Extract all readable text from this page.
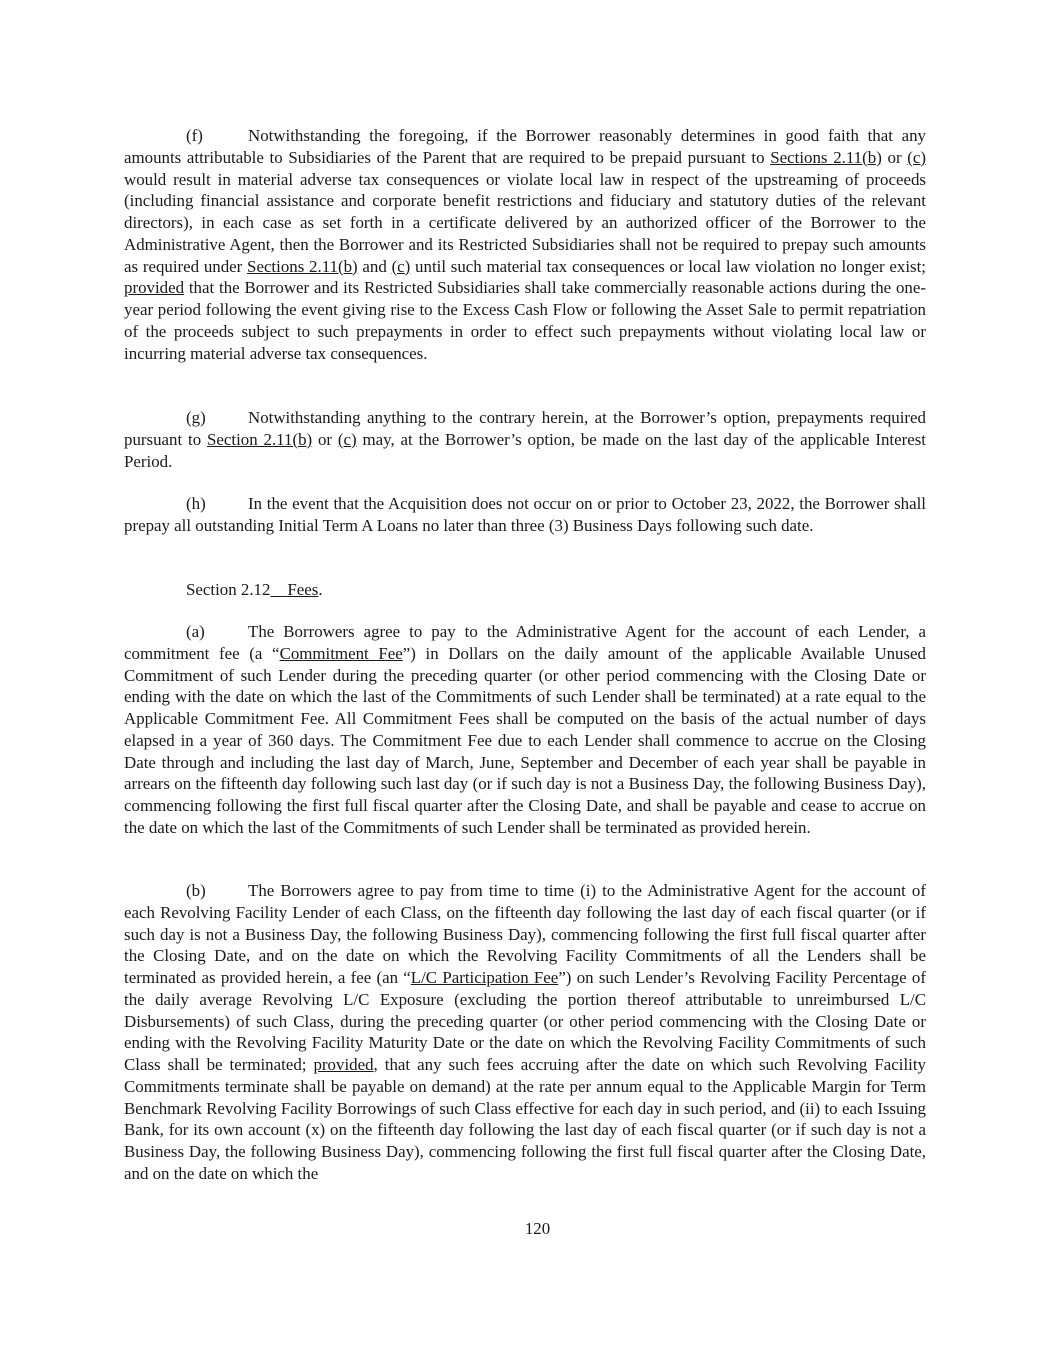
(f)	Notwithstanding the foregoing, if the Borrower reasonably determines in good faith that any amounts attributable to Subsidiaries of the Parent that are required to be prepaid pursuant to Sections 2.11(b) or (c) would result in material adverse tax consequences or violate local law in respect of the upstreaming of proceeds (including financial assistance and corporate benefit restrictions and fiduciary and statutory duties of the relevant directors), in each case as set forth in a certificate delivered by an authorized officer of the Borrower to the Administrative Agent, then the Borrower and its Restricted Subsidiaries shall not be required to prepay such amounts as required under Sections 2.11(b) and (c) until such material tax consequences or local law violation no longer exist; provided that the Borrower and its Restricted Subsidiaries shall take commercially reasonable actions during the one-year period following the event giving rise to the Excess Cash Flow or following the Asset Sale to permit repatriation of the proceeds subject to such prepayments in order to effect such prepayments without violating local law or incurring material adverse tax consequences.

(g)	Notwithstanding anything to the contrary herein, at the Borrower’s option, prepayments required pursuant to Section 2.11(b) or (c) may, at the Borrower’s option, be made on the last day of the applicable Interest Period.

(h)	In the event that the Acquisition does not occur on or prior to October 23, 2022, the Borrower shall prepay all outstanding Initial Term A Loans no later than three (3) Business Days following such date.

Section 2.12 Fees.

(a)	The Borrowers agree to pay to the Administrative Agent for the account of each Lender, a commitment fee (a “Commitment Fee”) in Dollars on the daily amount of the applicable Available Unused Commitment of such Lender during the preceding quarter (or other period commencing with the Closing Date or ending with the date on which the last of the Commitments of such Lender shall be terminated) at a rate equal to the Applicable Commitment Fee. All Commitment Fees shall be computed on the basis of the actual number of days elapsed in a year of 360 days. The Commitment Fee due to each Lender shall commence to accrue on the Closing Date through and including the last day of March, June, September and December of each year shall be payable in arrears on the fifteenth day following such last day (or if such day is not a Business Day, the following Business Day), commencing following the first full fiscal quarter after the Closing Date, and shall be payable and cease to accrue on the date on which the last of the Commitments of such Lender shall be terminated as provided herein.

(b)	The Borrowers agree to pay from time to time (i) to the Administrative Agent for the account of each Revolving Facility Lender of each Class, on the fifteenth day following the last day of each fiscal quarter (or if such day is not a Business Day, the following Business Day), commencing following the first full fiscal quarter after the Closing Date, and on the date on which the Revolving Facility Commitments of all the Lenders shall be terminated as provided herein, a fee (an “L/C Participation Fee”) on such Lender’s Revolving Facility Percentage of the daily average Revolving L/C Exposure (excluding the portion thereof attributable to unreimbursed L/C Disbursements) of such Class, during the preceding quarter (or other period commencing with the Closing Date or ending with the Revolving Facility Maturity Date or the date on which the Revolving Facility Commitments of such Class shall be terminated; provided, that any such fees accruing after the date on which such Revolving Facility Commitments terminate shall be payable on demand) at the rate per annum equal to the Applicable Margin for Term Benchmark Revolving Facility Borrowings of such Class effective for each day in such period, and (ii) to each Issuing Bank, for its own account (x) on the fifteenth day following the last day of each fiscal quarter (or if such day is not a Business Day, the following Business Day), commencing following the first full fiscal quarter after the Closing Date, and on the date on which the

120
